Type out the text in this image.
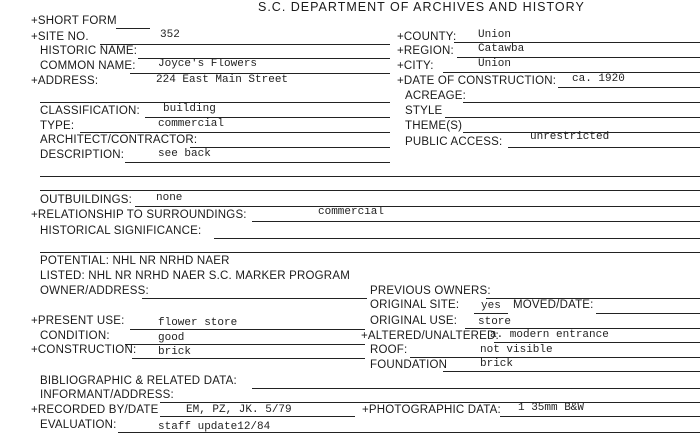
S.C. DEPARTMENT OF ARCHIVES AND HISTORY
+SHORT FORM
+SITE NO.	352
HISTORIC NAME:
COMMON NAME: Joyce's Flowers
+ADDRESS:	224 East Main Street
CLASSIFICATION: building
TYPE:	commercial
ARCHITECT/CONTRACTOR:
DESCRIPTION:	see back
OUTBUILDINGS: none
+RELATIONSHIP TO SURROUNDINGS:	commercial
HISTORICAL SIGNIFICANCE:
POTENTIAL: NHL NR NRHD NAER
LISTED: NHL NR NRHD NAER S.C. MARKER PROGRAM
OWNER/ADDRESS:
+PRESENT USE:	flower store
CONDITION:	good
+CONSTRUCTION: brick
BIBLIOGRAPHIC & RELATED DATA:
INFORMANT/ADDRESS:
+RECORDED BY/DATE	EM, PZ, JK. 5/79
EVALUATION:	staff update12/84
+COUNTY: Union
+REGION: Catawba
+CITY:	Union
+DATE OF CONSTRUCTION: ca. 1920
ACREAGE:
STYLE
THEME(S)
PUBLIC ACCESS:	unrestricted
PREVIOUS OWNERS:
ORIGINAL SITE: yes MOVED/DATE:
ORIGINAL USE: store
+ALTERED/UNALTERED:
a. modern entrance
ROOF:	not visible
FOUNDATION	brick
+PHOTOGRAPHIC DATA: 1 35mm B&W
